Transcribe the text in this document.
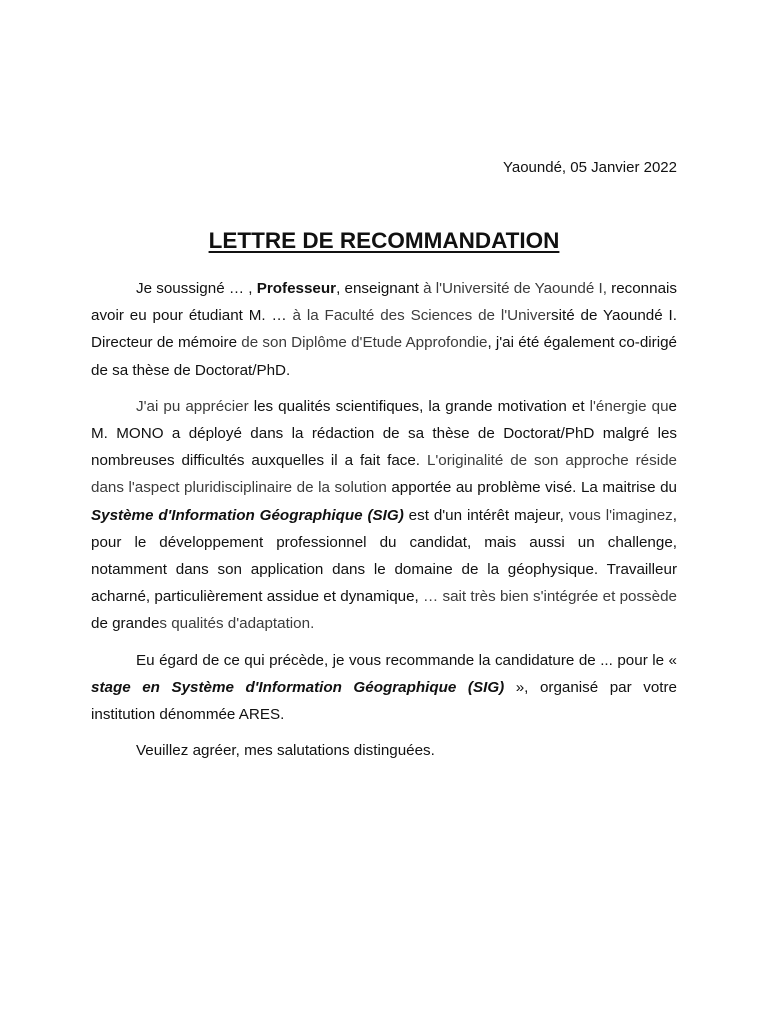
Yaoundé, 05 Janvier 2022
LETTRE DE RECOMMANDATION

Je soussigné … , Professeur, enseignant à l'Université de Yaoundé I, reconnais avoir eu pour étudiant M. … à la Faculté des Sciences de l'Université de Yaoundé I. Directeur de mémoire de son Diplôme d'Etude Approfondie, j'ai été également co-dirigé de sa thèse de Doctorat/PhD.

J'ai pu apprécier les qualités scientifiques, la grande motivation et l'énergie que M. MONO a déployé dans la rédaction de sa thèse de Doctorat/PhD malgré les nombreuses difficultés auxquelles il a fait face. L'originalité de son approche réside dans l'aspect pluridisciplinaire de la solution apportée au problème visé. La maitrise du Système d'Information Géographique (SIG) est d'un intérêt majeur, vous l'imaginez, pour le développement professionnel du candidat, mais aussi un challenge, notamment dans son application dans le domaine de la géophysique. Travailleur acharné, particulièrement assidue et dynamique, … sait très bien s'intégrée et possède de grandes qualités d'adaptation.

Eu égard de ce qui précède, je vous recommande la candidature de ... pour le « stage en Système d'Information Géographique (SIG) », organisé par votre institution dénommée ARES.

Veuillez agréer, mes salutations distinguées.
